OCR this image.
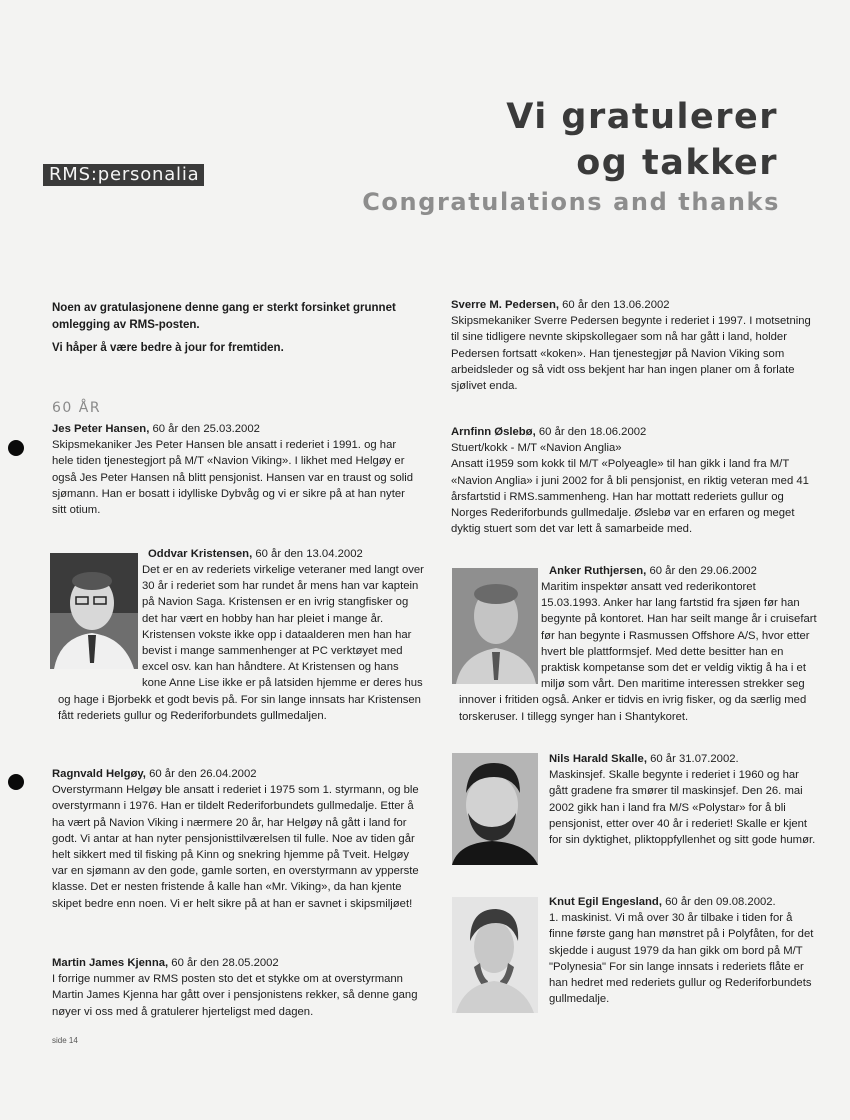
Vi gratulerer
og takker
Congratulations and thanks
RMS:personalia

Noen av gratulasjonene denne gang er sterkt forsinket grunnet omlegging av RMS-posten.

Vi håper å være bedre à jour for fremtiden.

60 ÅR

Jes Peter Hansen, 60 år den 25.03.2002

Skipsmekaniker Jes Peter Hansen ble ansatt i rederiet i 1991. og har hele tiden tjenestegjort på M/T «Navion Viking». I likhet med Helgøy er også Jes Peter Hansen nå blitt pensjonist. Hansen var en traust og solid sjømann. Han er bosatt i idylliske Dybvåg og vi er sikre på at han nyter sitt otium.

Oddvar Kristensen, 60 år den 13.04.2002

Det er en av rederiets virkelige veteraner med langt over 30 år i rederiet som har rundet år mens han var kaptein på Navion Saga. Kristensen er en ivrig stangfisker og det har vært en hobby han har pleiet i mange år. Kristensen vokste ikke opp i dataalderen men han har bevist i mange sammenhenger at PC verktøyet med excel osv. kan han håndtere. At Kristensen og hans kone Anne Lise ikke er på latsiden hjemme er deres hus og hage i Bjorbekk et godt bevis på. For sin lange innsats har Kristensen fått rederiets gullur og Rederiforbundets gullmedaljen.

Ragnvald Helgøy, 60 år den 26.04.2002

Overstyrmann Helgøy ble ansatt i rederiet i 1975 som 1. styrmann, og ble overstyrmann i 1976. Han er tildelt Rederiforbundets gullmedalje. Etter å ha vært på Navion Viking i nærmere 20 år, har Helgøy nå gått i land for godt. Vi antar at han nyter pensjonisttilværelsen til fulle. Noe av tiden går helt sikkert med til fisking på Kinn og snekring hjemme på Tveit. Helgøy var en sjømann av den gode, gamle sorten, en overstyrmann av ypperste klasse. Det er nesten fristende å kalle han «Mr. Viking», da han kjente skipet bedre enn noen. Vi er helt sikre på at han er savnet i skipsmiljøet!

Martin James Kjenna, 60 år den 28.05.2002

I forrige nummer av RMS posten sto det et stykke om at overstyrmann Martin James Kjenna har gått over i pensjonistens rekker, så denne gang nøyer vi oss med å gratulerer hjerteligst med dagen.

Sverre M. Pedersen, 60 år den 13.06.2002

Skipsmekaniker Sverre Pedersen begynte i rederiet i 1997. I motsetning til sine tidligere nevnte skipskollegaer som nå har gått i land, holder Pedersen fortsatt «koken». Han tjenestegjør på Navion Viking som arbeidsleder og så vidt oss bekjent har han ingen planer om å forlate sjølivet enda.

Arnfinn Øslebø, 60 år den 18.06.2002

Stuert/kokk - M/T «Navion Anglia»

Ansatt i1959 som kokk til M/T «Polyeagle» til han gikk i land fra M/T «Navion Anglia» i juni 2002 for å bli pensjonist, en riktig veteran med 41 årsfartstid i RMS.sammenheng. Han har mottatt rederiets gullur og Norges Rederiforbunds gullmedalje. Øslebø var en erfaren og meget dyktig stuert som det var lett å samarbeide med.

Anker Ruthjersen, 60 år den 29.06.2002

Maritim inspektør ansatt ved rederikontoret 15.03.1993. Anker har lang fartstid fra sjøen før han begynte på kontoret. Han har seilt mange år i cruisefart før han begynte i Rasmussen Offshore A/S, hvor etter hvert ble plattformsjef. Med dette besitter han en praktisk kompetanse som det er veldig viktig å ha i et miljø som vårt. Den maritime interessen strekker seg innover i fritiden også. Anker er tidvis en ivrig fisker, og da særlig med torskeruser. I tillegg synger han i Shantykoret.

Nils Harald Skalle, 60 år 31.07.2002.

Maskinsjef. Skalle begynte i rederiet i 1960 og har gått gradene fra smører til maskinsjef. Den 26. mai 2002 gikk han i land fra M/S «Polystar» for å bli pensjonist, etter over 40 år i rederiet! Skalle er kjent for sin dyktighet, pliktoppfyllenhet og sitt gode humør.

Knut Egil Engesland, 60 år den 09.08.2002.

1. maskinist. Vi må over 30 år tilbake i tiden for å finne første gang han mønstret på i Polyfåten, for det skjedde i august 1979 da han gikk om bord på M/T "Polynesia" For sin lange innsats i rederiets flåte er han hedret med rederiets gullur og Rederiforbundets gullmedalje.

side 14
